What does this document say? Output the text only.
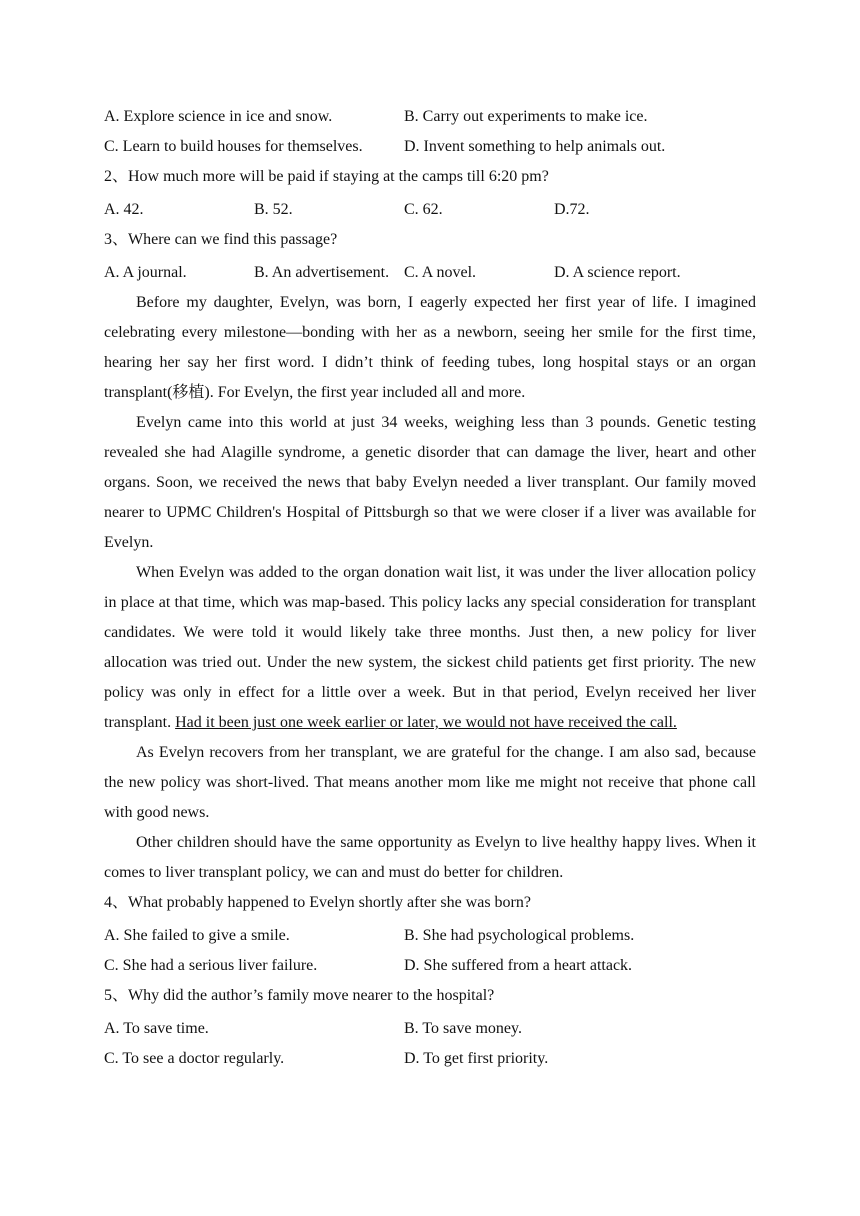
A. Explore science in ice and snow.	B. Carry out experiments to make ice.
C. Learn to build houses for themselves.	D. Invent something to help animals out.
2、How much more will be paid if staying at the camps till 6:20 pm?
A. 42.	B. 52.	C. 62.	D.72.
3、Where can we find this passage?
A. A journal.	B. An advertisement. C. A novel.	D. A science report.

Before my daughter, Evelyn, was born, I eagerly expected her first year of life. I imagined celebrating every milestone—bonding with her as a newborn, seeing her smile for the first time, hearing her say her first word. I didn’t think of feeding tubes, long hospital stays or an organ transplant(移植). For Evelyn, the first year included all and more.

Evelyn came into this world at just 34 weeks, weighing less than 3 pounds. Genetic testing revealed she had Alagille syndrome, a genetic disorder that can damage the liver, heart and other organs. Soon, we received the news that baby Evelyn needed a liver transplant. Our family moved nearer to UPMC Children's Hospital of Pittsburgh so that we were closer if a liver was available for Evelyn.

When Evelyn was added to the organ donation wait list, it was under the liver allocation policy in place at that time, which was map-based. This policy lacks any special consideration for transplant candidates. We were told it would likely take three months. Just then, a new policy for liver allocation was tried out. Under the new system, the sickest child patients get first priority. The new policy was only in effect for a little over a week. But in that period, Evelyn received her liver transplant. Had it been just one week earlier or later, we would not have received the call.

As Evelyn recovers from her transplant, we are grateful for the change. I am also sad, because the new policy was short-lived. That means another mom like me might not receive that phone call with good news.

Other children should have the same opportunity as Evelyn to live healthy happy lives. When it comes to liver transplant policy, we can and must do better for children.

4、What probably happened to Evelyn shortly after she was born?
A. She failed to give a smile.	B. She had psychological problems.
C. She had a serious liver failure.	D. She suffered from a heart attack.
5、Why did the author’s family move nearer to the hospital?
A. To save time.	B. To save money.
C. To see a doctor regularly.	D. To get first priority.
